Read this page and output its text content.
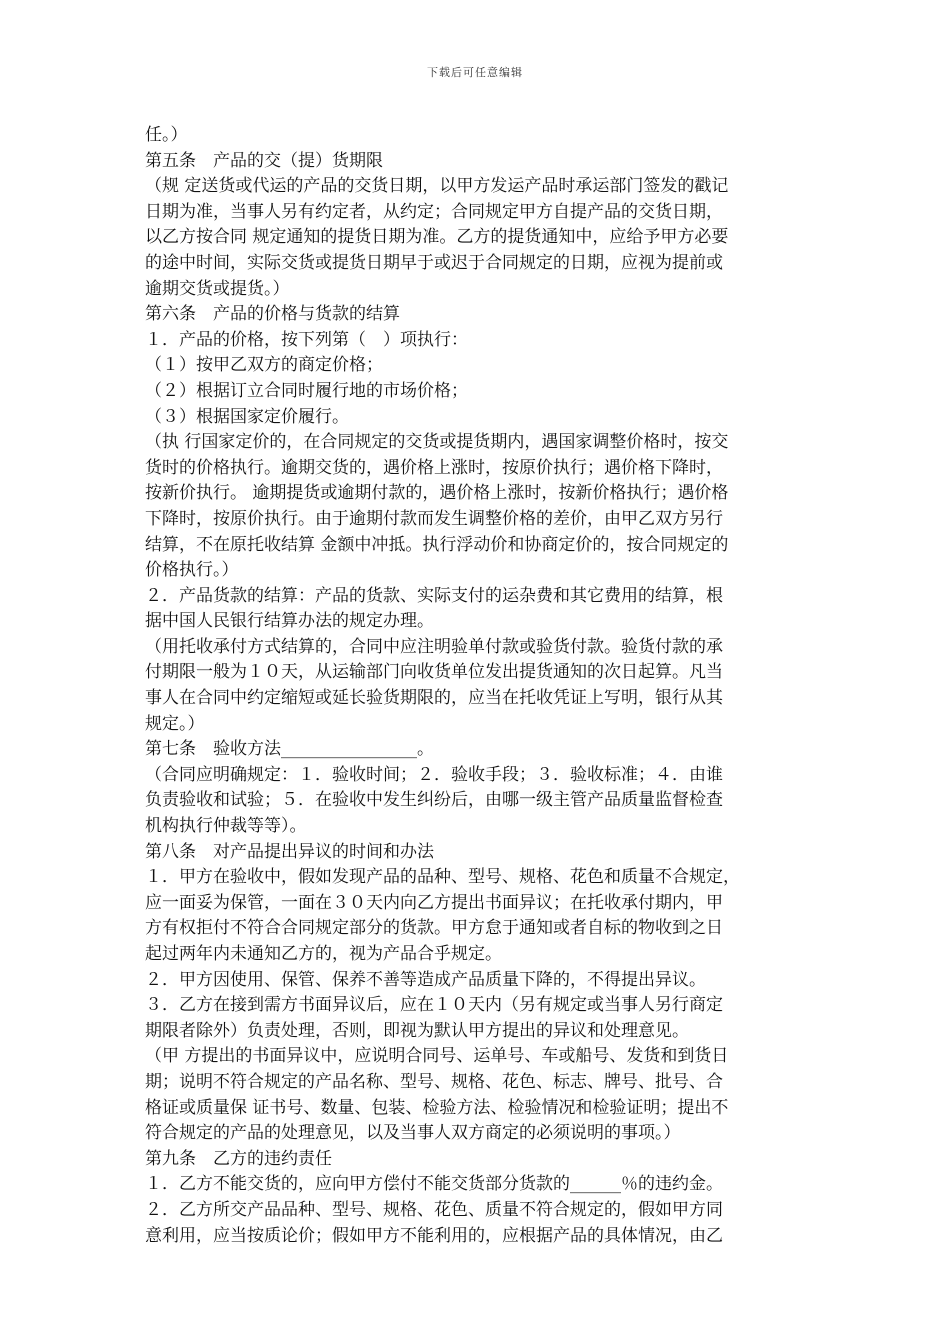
下载后可任意编辑
任。）
第五条　产品的交（提）货期限
（规 定送货或代运的产品的交货日期，以甲方发运产品时承运部门签发的戳记
日期为准，当事人另有约定者，从约定；合同规定甲方自提产品的交货日期，
以乙方按合同 规定通知的提货日期为准。乙方的提货通知中，应给予甲方必要
的途中时间，实际交货或提货日期早于或迟于合同规定的日期，应视为提前或
逾期交货或提货。）
第六条　产品的价格与货款的结算
１．产品的价格，按下列第（　）项执行：
（１）按甲乙双方的商定价格；
（２）根据订立合同时履行地的市场价格；
（３）根据国家定价履行。
（执 行国家定价的，在合同规定的交货或提货期内，遇国家调整价格时，按交
货时的价格执行。逾期交货的，遇价格上涨时，按原价执行；遇价格下降时，
按新价执行。 逾期提货或逾期付款的，遇价格上涨时，按新价格执行；遇价格
下降时，按原价执行。由于逾期付款而发生调整价格的差价，由甲乙双方另行
结算，不在原托收结算 金额中冲抵。执行浮动价和协商定价的，按合同规定的
价格执行。）
２．产品货款的结算：产品的货款、实际支付的运杂费和其它费用的结算，根
据中国人民银行结算办法的规定办理。
（用托收承付方式结算的，合同中应注明验单付款或验货付款。验货付款的承
付期限一般为１０天，从运输部门向收货单位发出提货通知的次日起算。凡当
事人在合同中约定缩短或延长验货期限的，应当在托收凭证上写明，银行从其
规定。）
第七条　验收方法________________。
（合同应明确规定：１．验收时间；２．验收手段；３．验收标准；４．由谁
负责验收和试验；５．在验收中发生纠纷后，由哪一级主管产品质量监督检查
机构执行仲裁等等）。
第八条　对产品提出异议的时间和办法
１．甲方在验收中，假如发现产品的品种、型号、规格、花色和质量不合规定，
应一面妥为保管，一面在３０天内向乙方提出书面异议；在托收承付期内，甲
方有权拒付不符合合同规定部分的货款。甲方怠于通知或者自标的物收到之日
起过两年内未通知乙方的，视为产品合乎规定。
２．甲方因使用、保管、保养不善等造成产品质量下降的，不得提出异议。
３．乙方在接到需方书面异议后，应在１０天内（另有规定或当事人另行商定
期限者除外）负责处理，否则，即视为默认甲方提出的异议和处理意见。
（甲 方提出的书面异议中，应说明合同号、运单号、车或船号、发货和到货日
期；说明不符合规定的产品名称、型号、规格、花色、标志、牌号、批号、合
格证或质量保 证书号、数量、包装、检验方法、检验情况和检验证明；提出不
符合规定的产品的处理意见，以及当事人双方商定的必须说明的事项。）
第九条　乙方的违约责任
１．乙方不能交货的，应向甲方偿付不能交货部分货款的______％的违约金。
２．乙方所交产品品种、型号、规格、花色、质量不符合规定的，假如甲方同
意利用，应当按质论价；假如甲方不能利用的，应根据产品的具体情况，由乙
